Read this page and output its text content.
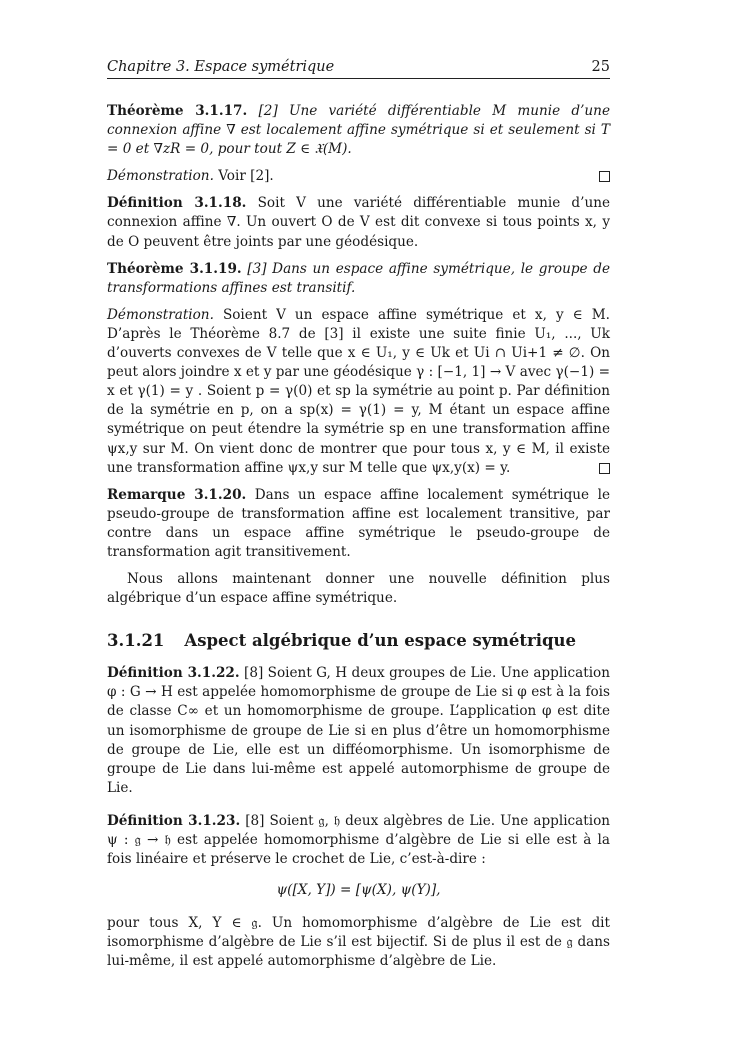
Chapitre 3. Espace symétrique	25

Théorème 3.1.17. [2] Une variété différentiable M munie d’une connexion affine ∇ est localement affine symétrique si et seulement si T = 0 et ∇zR = 0, pour tout Z ∈ 𝔛(M).

Démonstration. Voir [2].

Définition 3.1.18. Soit V une variété différentiable munie d’une connexion affine ∇. Un ouvert O de V est dit convexe si tous points x, y de O peuvent être joints par une géodésique.

Théorème 3.1.19. [3] Dans un espace affine symétrique, le groupe de transformations affines est transitif.

Démonstration. Soient V un espace affine symétrique et x, y ∈ M. D’après le Théorème 8.7 de [3] il existe une suite finie U₁, ..., Uk d’ouverts convexes de V telle que x ∈ U₁, y ∈ Uk et Ui ∩ Ui+1 ≠ ∅. On peut alors joindre x et y par une géodésique γ : [−1, 1] → V avec γ(−1) = x et γ(1) = y . Soient p = γ(0) et sp la symétrie au point p. Par définition de la symétrie en p, on a sp(x) = γ(1) = y, M étant un espace affine symétrique on peut étendre la symétrie sp en une transformation affine ψx,y sur M. On vient donc de montrer que pour tous x, y ∈ M, il existe une transformation affine ψx,y sur M telle que ψx,y(x) = y.

Remarque 3.1.20. Dans un espace affine localement symétrique le pseudo-groupe de transformation affine est localement transitive, par contre dans un espace affine symétrique le pseudo-groupe de transformation agit transitivement.

Nous allons maintenant donner une nouvelle définition plus algébrique d’un espace affine symétrique.

3.1.21 Aspect algébrique d’un espace symétrique

Définition 3.1.22. [8] Soient G, H deux groupes de Lie. Une application φ : G → H est appelée homomorphisme de groupe de Lie si φ est à la fois de classe C∞ et un homomorphisme de groupe. L’application φ est dite un isomorphisme de groupe de Lie si en plus d’être un homomorphisme de groupe de Lie, elle est un difféomorphisme. Un isomorphisme de groupe de Lie dans lui-même est appelé automorphisme de groupe de Lie.

Définition 3.1.23. [8] Soient 𝔤, 𝔥 deux algèbres de Lie. Une application ψ : 𝔤 → 𝔥 est appelée homomorphisme d’algèbre de Lie si elle est à la fois linéaire et préserve le crochet de Lie, c’est-à-dire :

ψ([X, Y]) = [ψ(X), ψ(Y)],

pour tous X, Y ∈ 𝔤. Un homomorphisme d’algèbre de Lie est dit isomorphisme d’algèbre de Lie s’il est bijectif. Si de plus il est de 𝔤 dans lui-même, il est appelé automorphisme d’algèbre de Lie.
